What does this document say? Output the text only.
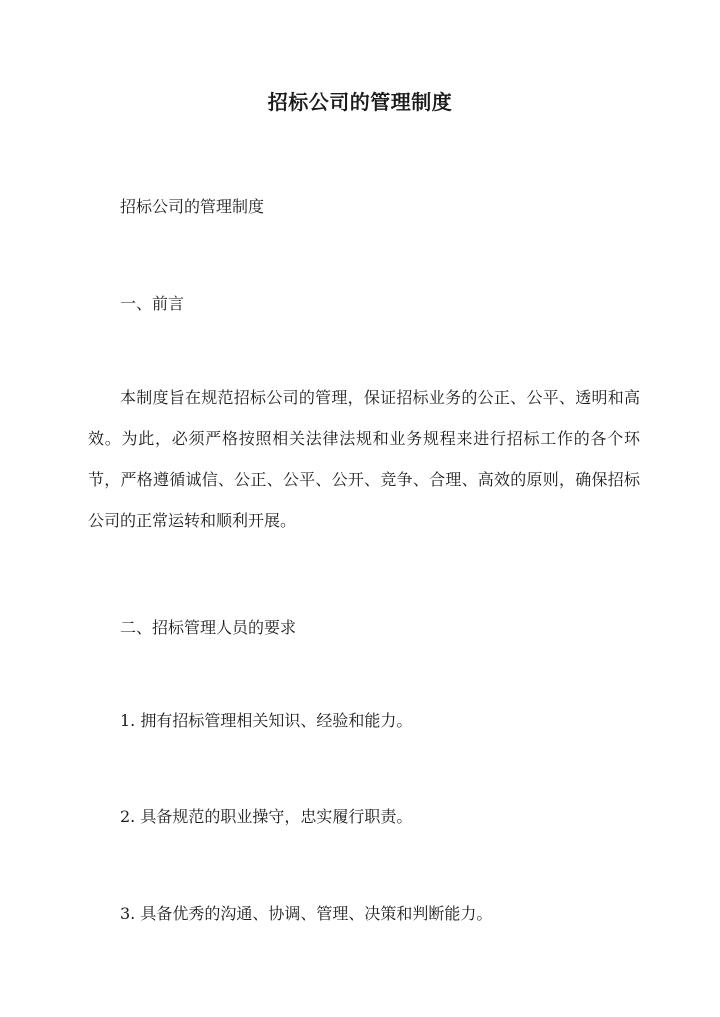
招标公司的管理制度
招标公司的管理制度
一、前言
本制度旨在规范招标公司的管理，保证招标业务的公正、公平、透明和高效。为此，必须严格按照相关法律法规和业务规程来进行招标工作的各个环节，严格遵循诚信、公正、公平、公开、竞争、合理、高效的原则，确保招标公司的正常运转和顺利开展。
二、招标管理人员的要求
1. 拥有招标管理相关知识、经验和能力。
2. 具备规范的职业操守，忠实履行职责。
3. 具备优秀的沟通、协调、管理、决策和判断能力。
